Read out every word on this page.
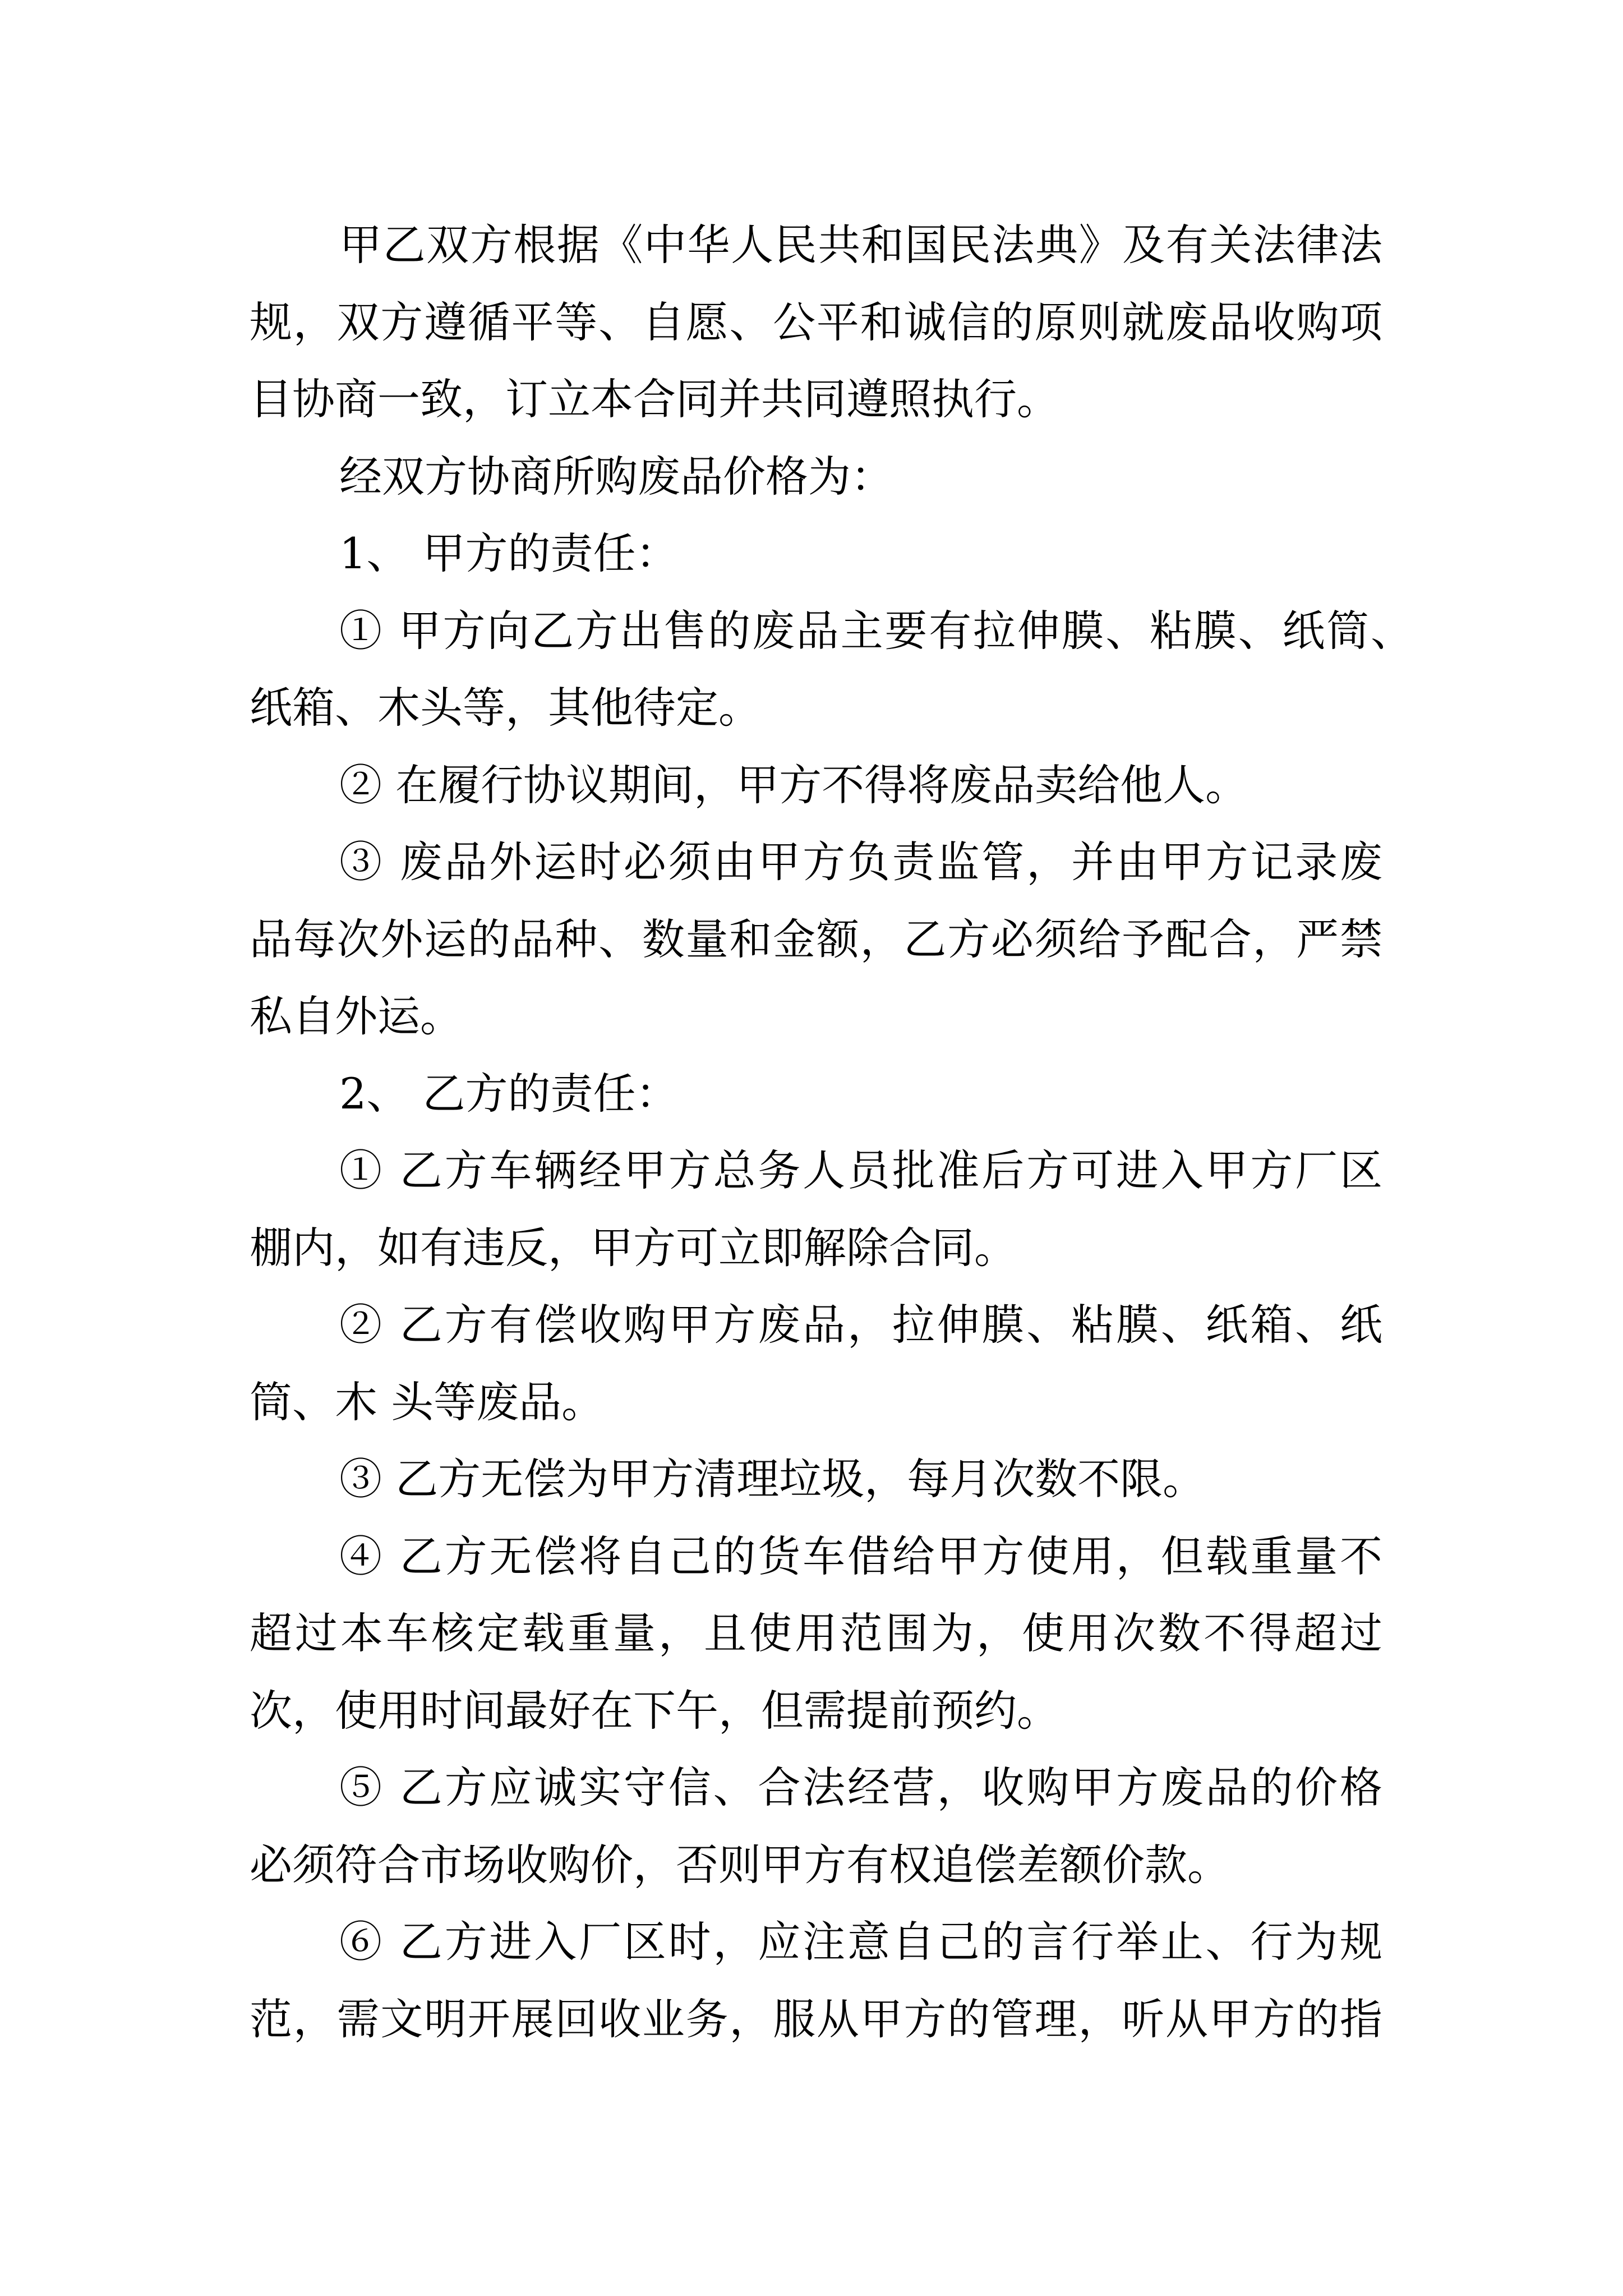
甲乙双方根据《中华人民共和国民法典》及有关法律法
规，双方遵循平等、自愿、公平和诚信的原则就废品收购项
目协商一致，订立本合同并共同遵照执行。
经双方协商所购废品价格为：
1、 甲方的责任：
① 甲方向乙方出售的废品主要有拉伸膜、粘膜、纸筒、
纸箱、木头等，其他待定。
② 在履行协议期间，甲方不得将废品卖给他人。
③ 废品外运时必须由甲方负责监管，并由甲方记录废
品每次外运的品种、数量和金额，乙方必须给予配合，严禁
私自外运。
2、 乙方的责任：
① 乙方车辆经甲方总务人员批准后方可进入甲方厂区
棚内，如有违反，甲方可立即解除合同。
② 乙方有偿收购甲方废品，拉伸膜、粘膜、纸箱、纸
筒、木 头等废品。
③ 乙方无偿为甲方清理垃圾，每月次数不限。
④ 乙方无偿将自己的货车借给甲方使用，但载重量不
超过本车核定载重量，且使用范围为，使用次数不得超过
次，使用时间最好在下午，但需提前预约。
⑤ 乙方应诚实守信、合法经营，收购甲方废品的价格
必须符合市场收购价，否则甲方有权追偿差额价款。
⑥ 乙方进入厂区时，应注意自己的言行举止、行为规
范，需文明开展回收业务，服从甲方的管理，听从甲方的指
